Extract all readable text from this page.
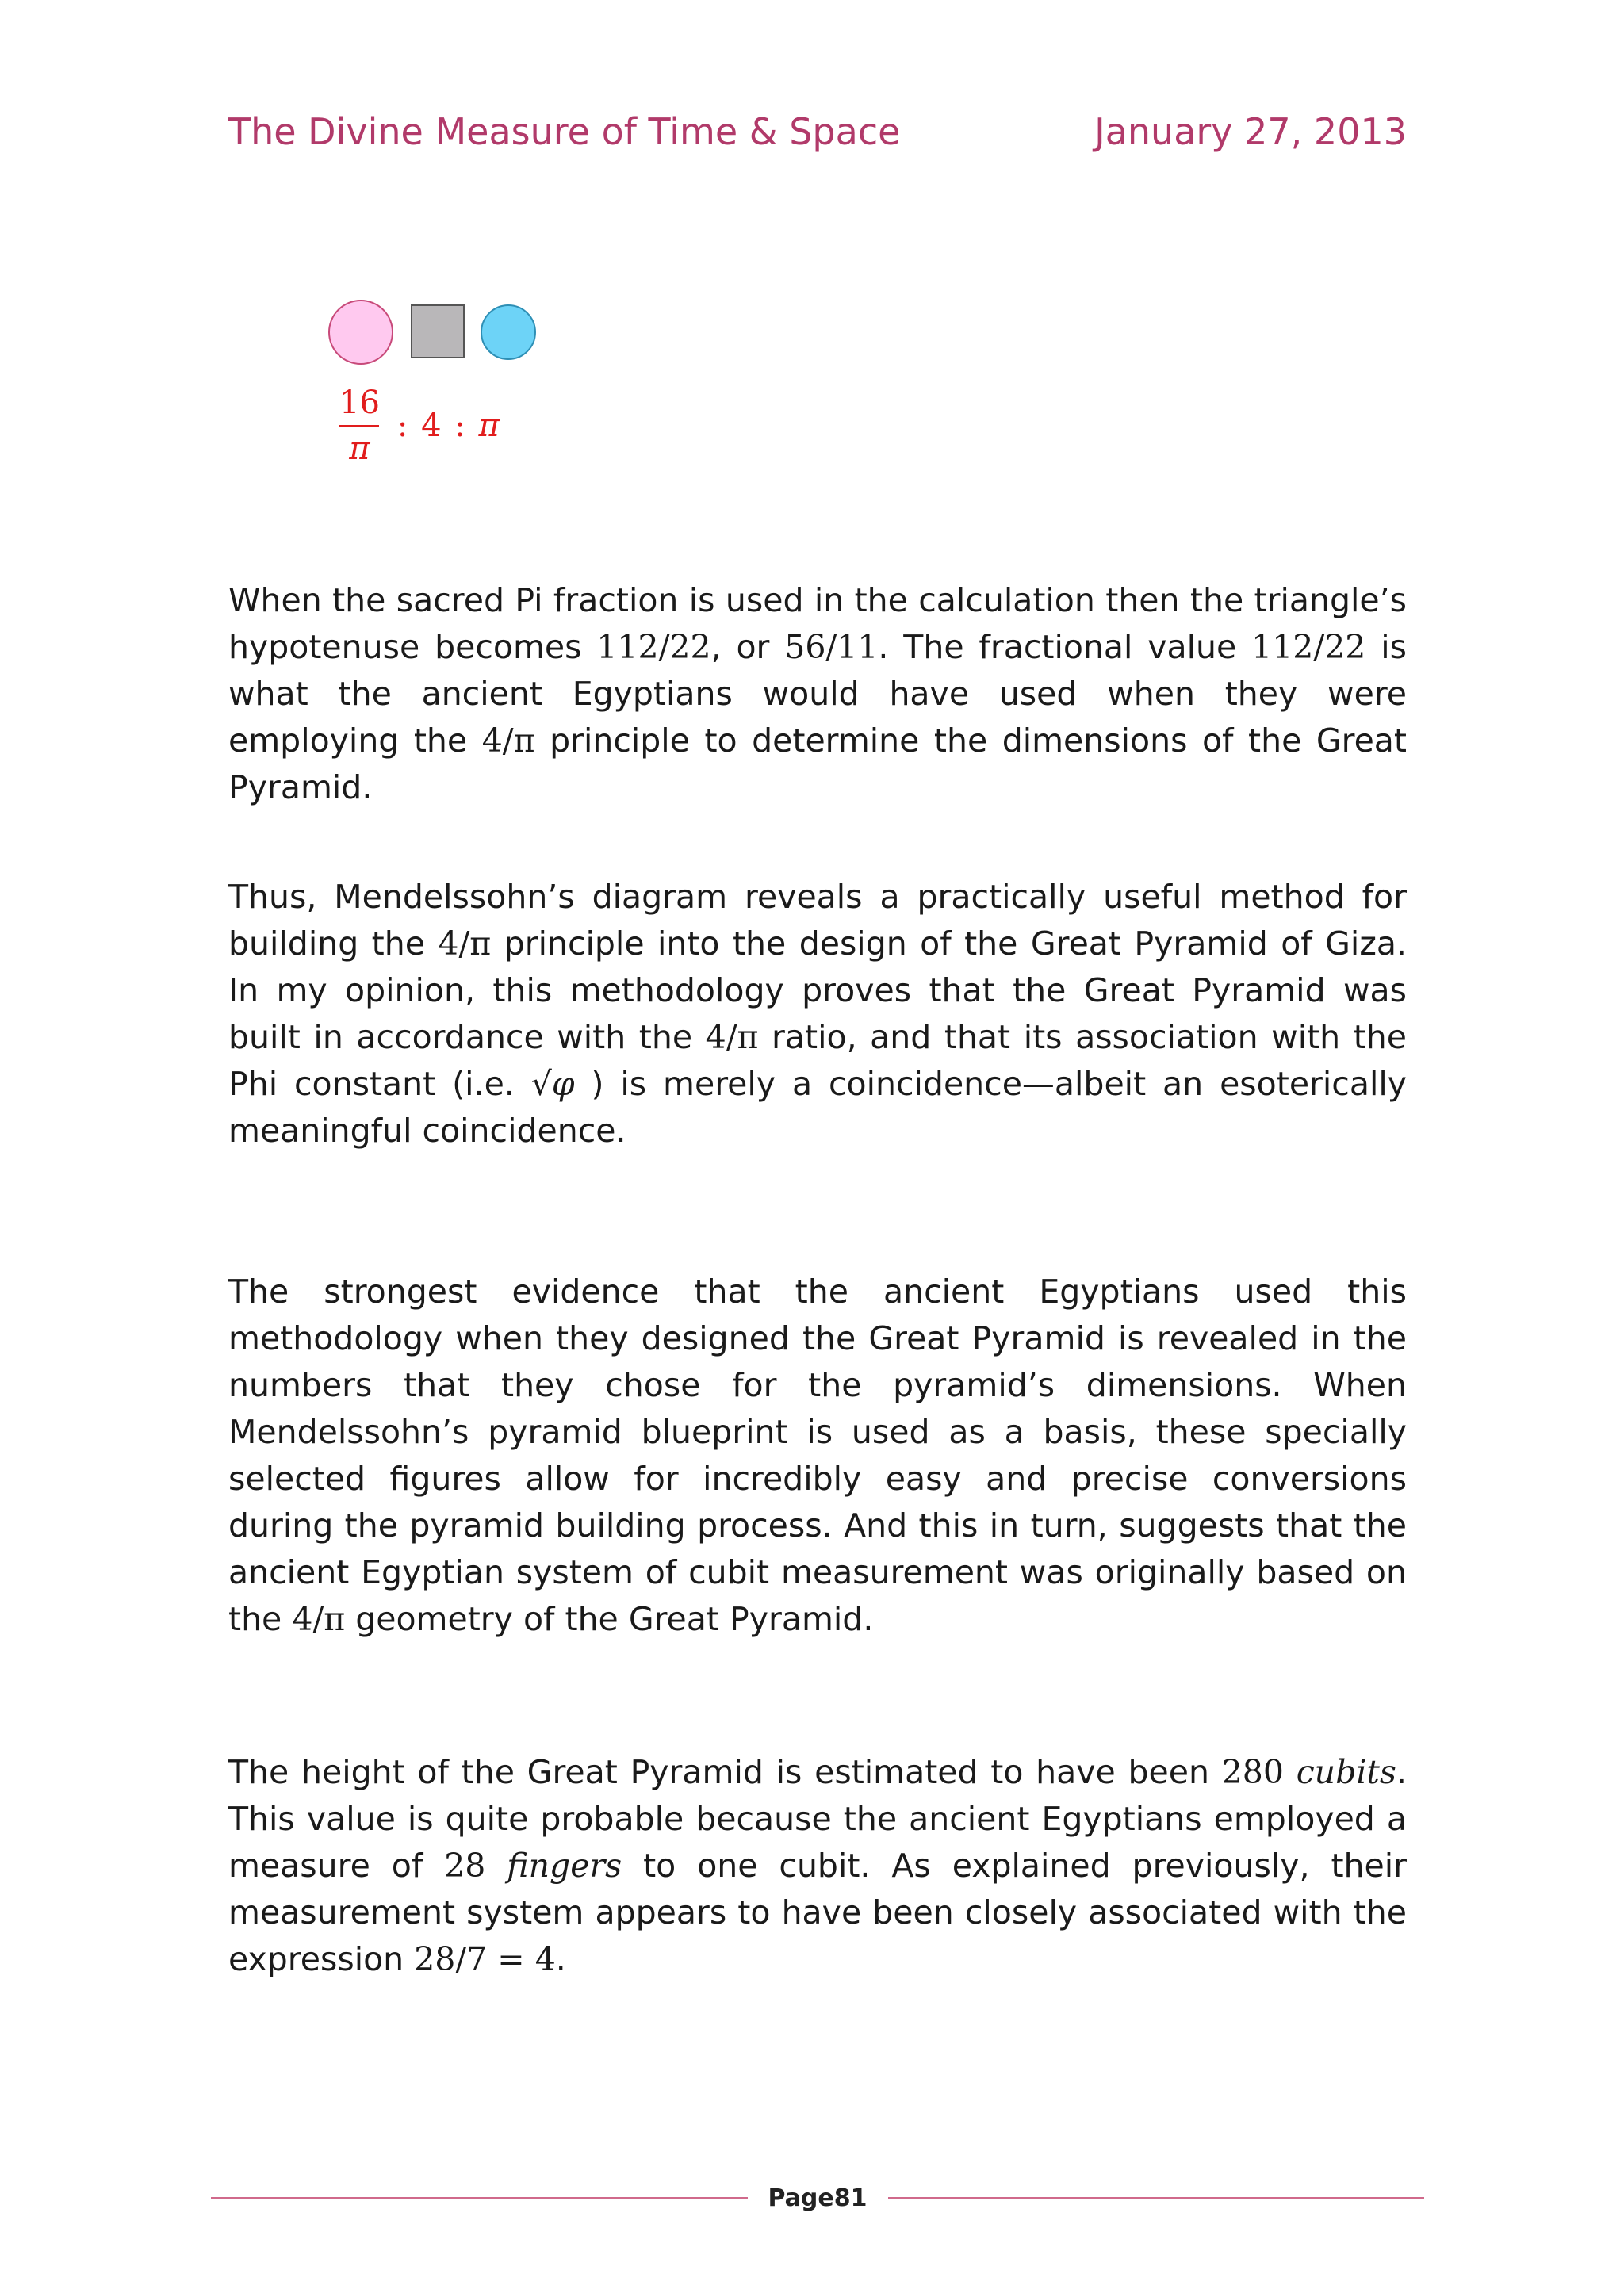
The Divine Measure of Time & Space	January 27, 2013
$\frac{16}{\pi}$ : 4 : π

When the sacred Pi fraction is used in the calculation then the triangle’s hypotenuse becomes 112/22, or 56/11. The fractional value 112/22 is what the ancient Egyptians would have used when they were employing the 4/π principle to determine the dimensions of the Great Pyramid.

Thus, Mendelssohn’s diagram reveals a practically useful method for building the 4/π principle into the design of the Great Pyramid of Giza. In my opinion, this methodology proves that the Great Pyramid was built in accordance with the 4/π ratio, and that its association with the Phi constant (i.e. √φ ) is merely a coincidence—albeit an esoterically meaningful coincidence.

The strongest evidence that the ancient Egyptians used this methodology when they designed the Great Pyramid is revealed in the numbers that they chose for the pyramid’s dimensions. When Mendelssohn’s pyramid blueprint is used as a basis, these specially selected figures allow for incredibly easy and precise conversions during the pyramid building process. And this in turn, suggests that the ancient Egyptian system of cubit measurement was originally based on the 4/π geometry of the Great Pyramid.

The height of the Great Pyramid is estimated to have been 280 cubits. This value is quite probable because the ancient Egyptians employed a measure of 28 fingers to one cubit. As explained previously, their measurement system appears to have been closely associated with the expression 28/7 = 4.

Page81
